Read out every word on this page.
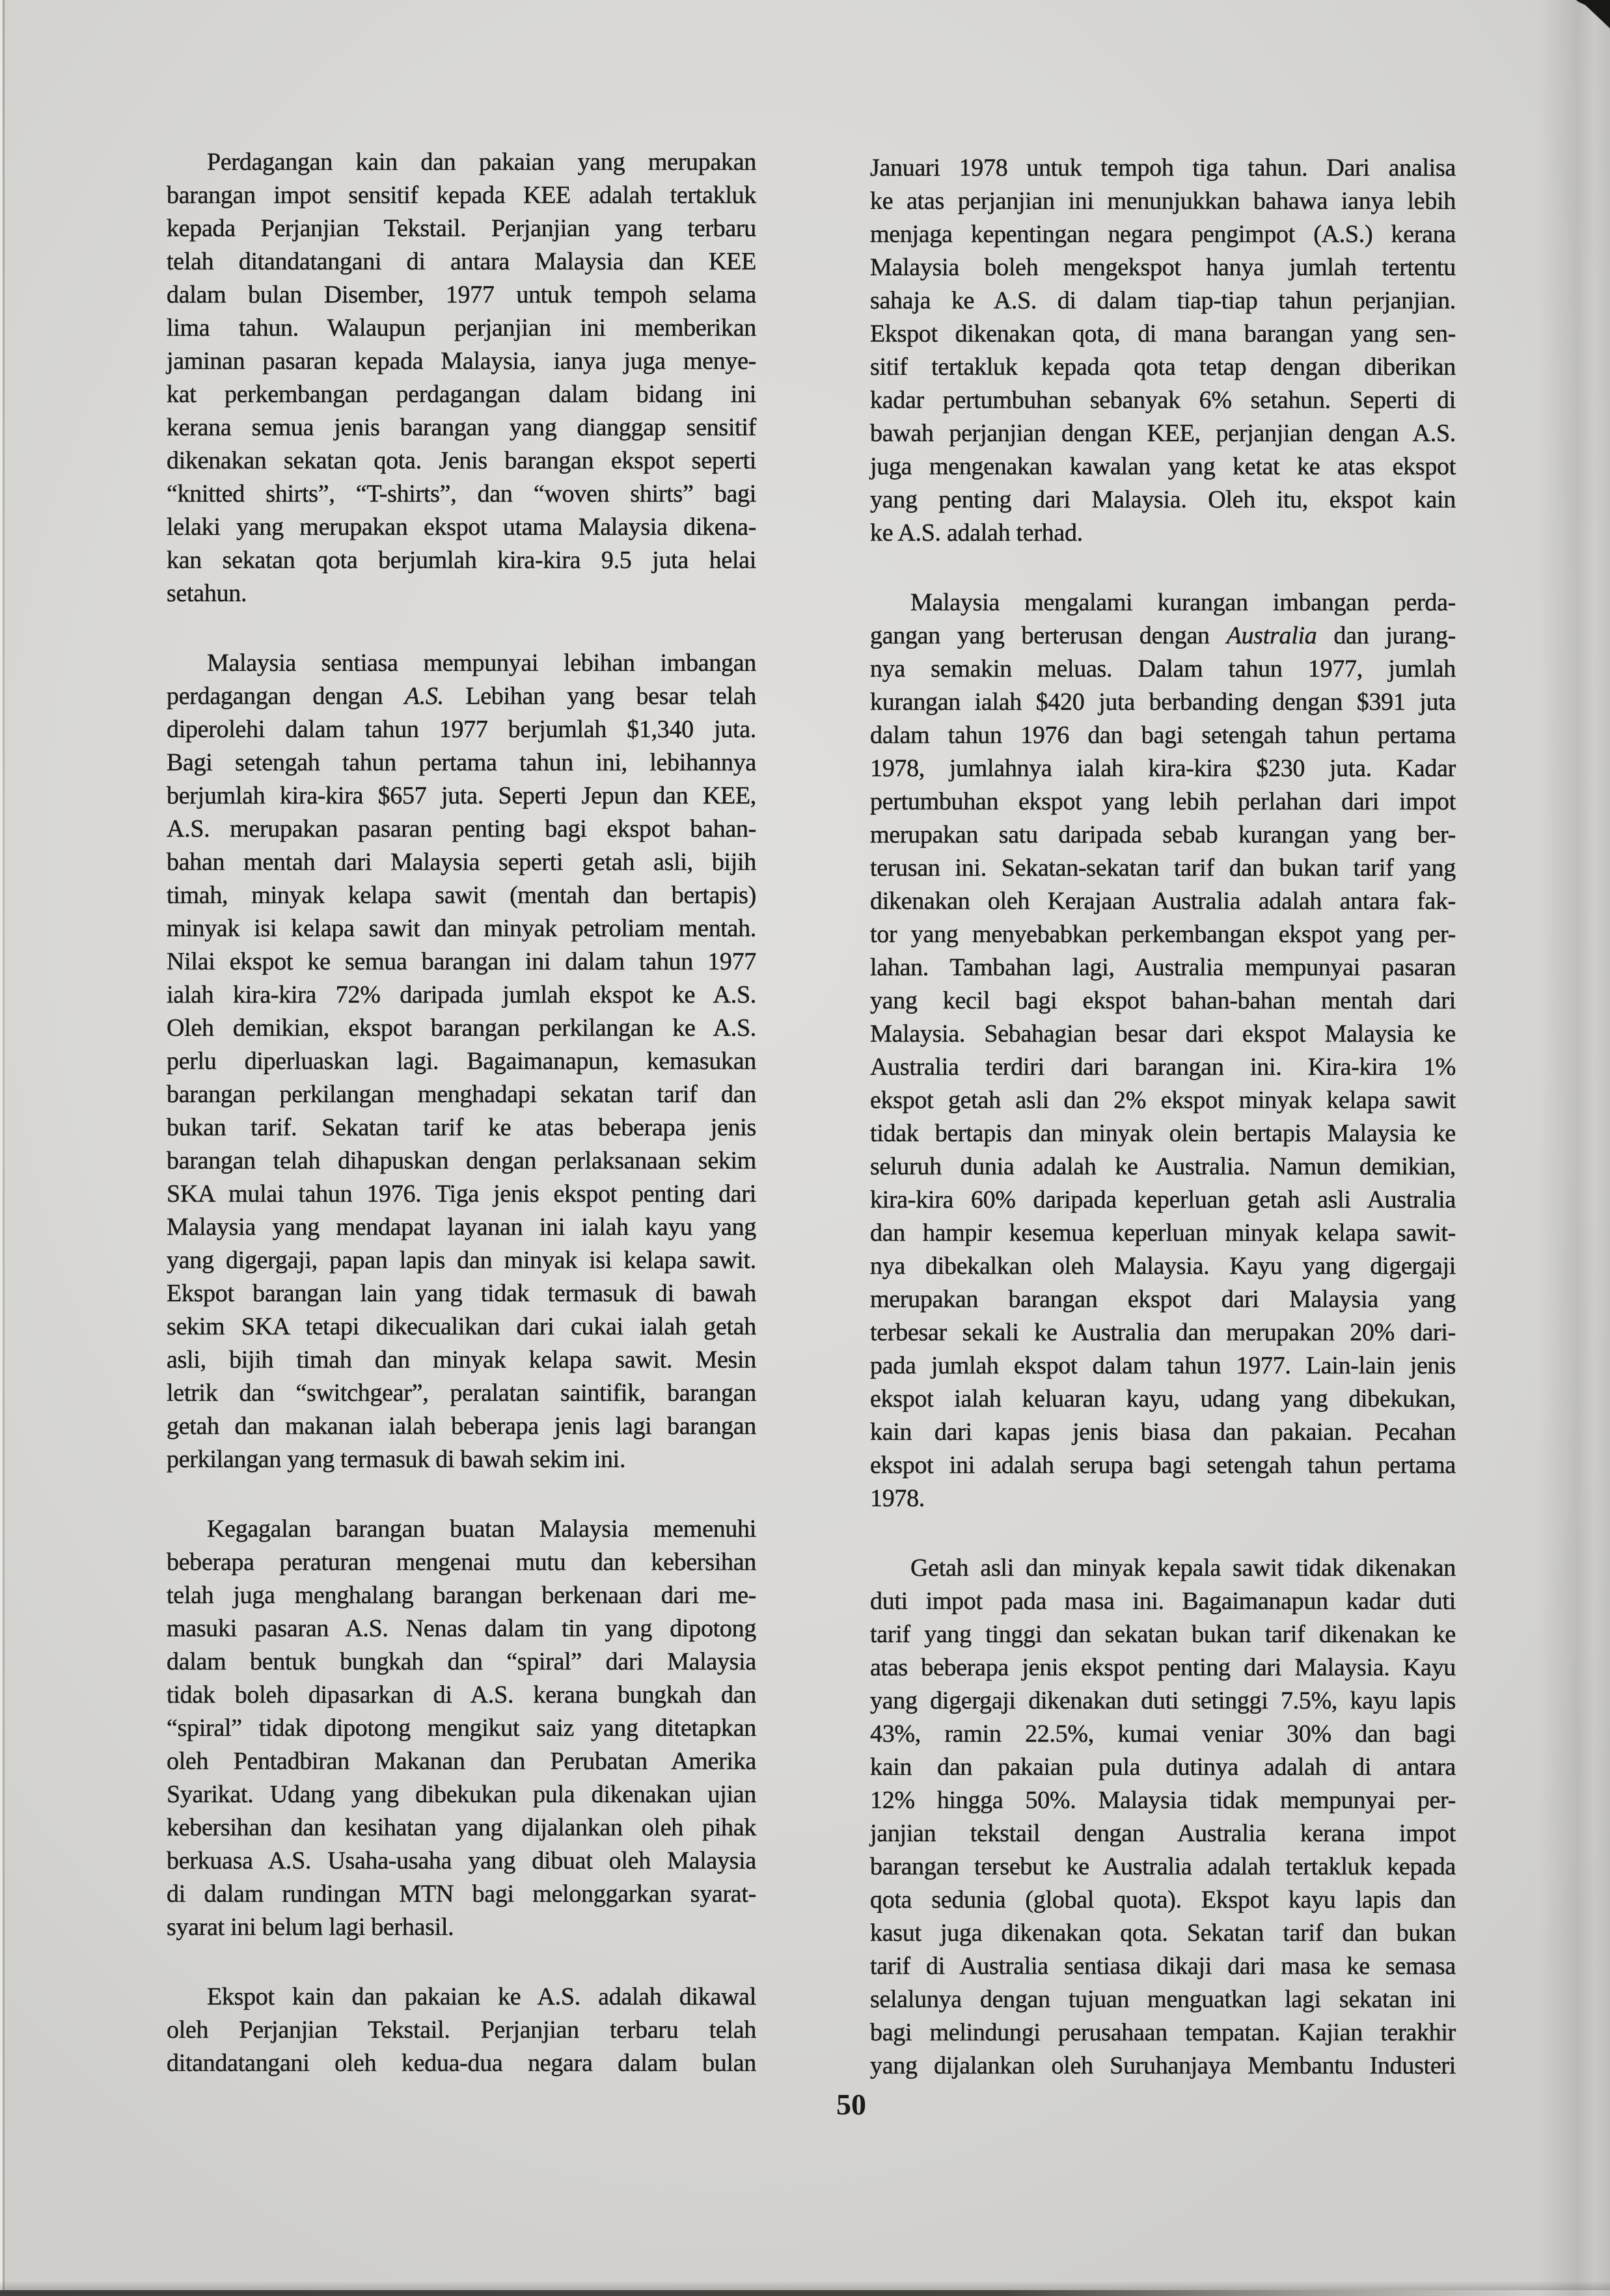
Perdagangan kain dan pakaian yang merupakan
barangan impot sensitif kepada KEE adalah tertakluk
kepada Perjanjian Tekstail. Perjanjian yang terbaru
telah ditandatangani di antara Malaysia dan KEE
dalam bulan Disember, 1977 untuk tempoh selama
lima tahun. Walaupun perjanjian ini memberikan
jaminan pasaran kepada Malaysia, ianya juga menye-
kat perkembangan perdagangan dalam bidang ini
kerana semua jenis barangan yang dianggap sensitif
dikenakan sekatan qota. Jenis barangan ekspot seperti
“knitted shirts”, “T-shirts”, dan “woven shirts” bagi
lelaki yang merupakan ekspot utama Malaysia dikena-
kan sekatan qota berjumlah kira-kira 9.5 juta helai
setahun.
Malaysia sentiasa mempunyai lebihan imbangan
perdagangan dengan A.S. Lebihan yang besar telah
diperolehi dalam tahun 1977 berjumlah $1,340 juta.
Bagi setengah tahun pertama tahun ini, lebihannya
berjumlah kira-kira $657 juta. Seperti Jepun dan KEE,
A.S. merupakan pasaran penting bagi ekspot bahan-
bahan mentah dari Malaysia seperti getah asli, bijih
timah, minyak kelapa sawit (mentah dan bertapis)
minyak isi kelapa sawit dan minyak petroliam mentah.
Nilai ekspot ke semua barangan ini dalam tahun 1977
ialah kira-kira 72% daripada jumlah ekspot ke A.S.
Oleh demikian, ekspot barangan perkilangan ke A.S.
perlu diperluaskan lagi. Bagaimanapun, kemasukan
barangan perkilangan menghadapi sekatan tarif dan
bukan tarif. Sekatan tarif ke atas beberapa jenis
barangan telah dihapuskan dengan perlaksanaan sekim
SKA mulai tahun 1976. Tiga jenis ekspot penting dari
Malaysia yang mendapat layanan ini ialah kayu yang
yang digergaji, papan lapis dan minyak isi kelapa sawit.
Ekspot barangan lain yang tidak termasuk di bawah
sekim SKA tetapi dikecualikan dari cukai ialah getah
asli, bijih timah dan minyak kelapa sawit. Mesin
letrik dan “switchgear”, peralatan saintifik, barangan
getah dan makanan ialah beberapa jenis lagi barangan
perkilangan yang termasuk di bawah sekim ini.
Kegagalan barangan buatan Malaysia memenuhi
beberapa peraturan mengenai mutu dan kebersihan
telah juga menghalang barangan berkenaan dari me-
masuki pasaran A.S. Nenas dalam tin yang dipotong
dalam bentuk bungkah dan “spiral” dari Malaysia
tidak boleh dipasarkan di A.S. kerana bungkah dan
“spiral” tidak dipotong mengikut saiz yang ditetapkan
oleh Pentadbiran Makanan dan Perubatan Amerika
Syarikat. Udang yang dibekukan pula dikenakan ujian
kebersihan dan kesihatan yang dijalankan oleh pihak
berkuasa A.S. Usaha-usaha yang dibuat oleh Malaysia
di dalam rundingan MTN bagi melonggarkan syarat-
syarat ini belum lagi berhasil.
Ekspot kain dan pakaian ke A.S. adalah dikawal
oleh Perjanjian Tekstail. Perjanjian terbaru telah
ditandatangani oleh kedua-dua negara dalam bulan
Januari 1978 untuk tempoh tiga tahun. Dari analisa
ke atas perjanjian ini menunjukkan bahawa ianya lebih
menjaga kepentingan negara pengimpot (A.S.) kerana
Malaysia boleh mengekspot hanya jumlah tertentu
sahaja ke A.S. di dalam tiap-tiap tahun perjanjian.
Ekspot dikenakan qota, di mana barangan yang sen-
sitif tertakluk kepada qota tetap dengan diberikan
kadar pertumbuhan sebanyak 6% setahun. Seperti di
bawah perjanjian dengan KEE, perjanjian dengan A.S.
juga mengenakan kawalan yang ketat ke atas ekspot
yang penting dari Malaysia. Oleh itu, ekspot kain
ke A.S. adalah terhad.
Malaysia mengalami kurangan imbangan perda-
gangan yang berterusan dengan Australia dan jurang-
nya semakin meluas. Dalam tahun 1977, jumlah
kurangan ialah $420 juta berbanding dengan $391 juta
dalam tahun 1976 dan bagi setengah tahun pertama
1978, jumlahnya ialah kira-kira $230 juta. Kadar
pertumbuhan ekspot yang lebih perlahan dari impot
merupakan satu daripada sebab kurangan yang ber-
terusan ini. Sekatan-sekatan tarif dan bukan tarif yang
dikenakan oleh Kerajaan Australia adalah antara fak-
tor yang menyebabkan perkembangan ekspot yang per-
lahan. Tambahan lagi, Australia mempunyai pasaran
yang kecil bagi ekspot bahan-bahan mentah dari
Malaysia. Sebahagian besar dari ekspot Malaysia ke
Australia terdiri dari barangan ini. Kira-kira 1%
ekspot getah asli dan 2% ekspot minyak kelapa sawit
tidak bertapis dan minyak olein bertapis Malaysia ke
seluruh dunia adalah ke Australia. Namun demikian,
kira-kira 60% daripada keperluan getah asli Australia
dan hampir kesemua keperluan minyak kelapa sawit-
nya dibekalkan oleh Malaysia. Kayu yang digergaji
merupakan barangan ekspot dari Malaysia yang
terbesar sekali ke Australia dan merupakan 20% dari-
pada jumlah ekspot dalam tahun 1977. Lain-lain jenis
ekspot ialah keluaran kayu, udang yang dibekukan,
kain dari kapas jenis biasa dan pakaian. Pecahan
ekspot ini adalah serupa bagi setengah tahun pertama
1978.
Getah asli dan minyak kepala sawit tidak dikenakan
duti impot pada masa ini. Bagaimanapun kadar duti
tarif yang tinggi dan sekatan bukan tarif dikenakan ke
atas beberapa jenis ekspot penting dari Malaysia. Kayu
yang digergaji dikenakan duti setinggi 7.5%, kayu lapis
43%, ramin 22.5%, kumai veniar 30% dan bagi
kain dan pakaian pula dutinya adalah di antara
12% hingga 50%. Malaysia tidak mempunyai per-
janjian tekstail dengan Australia kerana impot
barangan tersebut ke Australia adalah tertakluk kepada
qota sedunia (global quota). Ekspot kayu lapis dan
kasut juga dikenakan qota. Sekatan tarif dan bukan
tarif di Australia sentiasa dikaji dari masa ke semasa
selalunya dengan tujuan menguatkan lagi sekatan ini
bagi melindungi perusahaan tempatan. Kajian terakhir
yang dijalankan oleh Suruhanjaya Membantu Industeri
50
